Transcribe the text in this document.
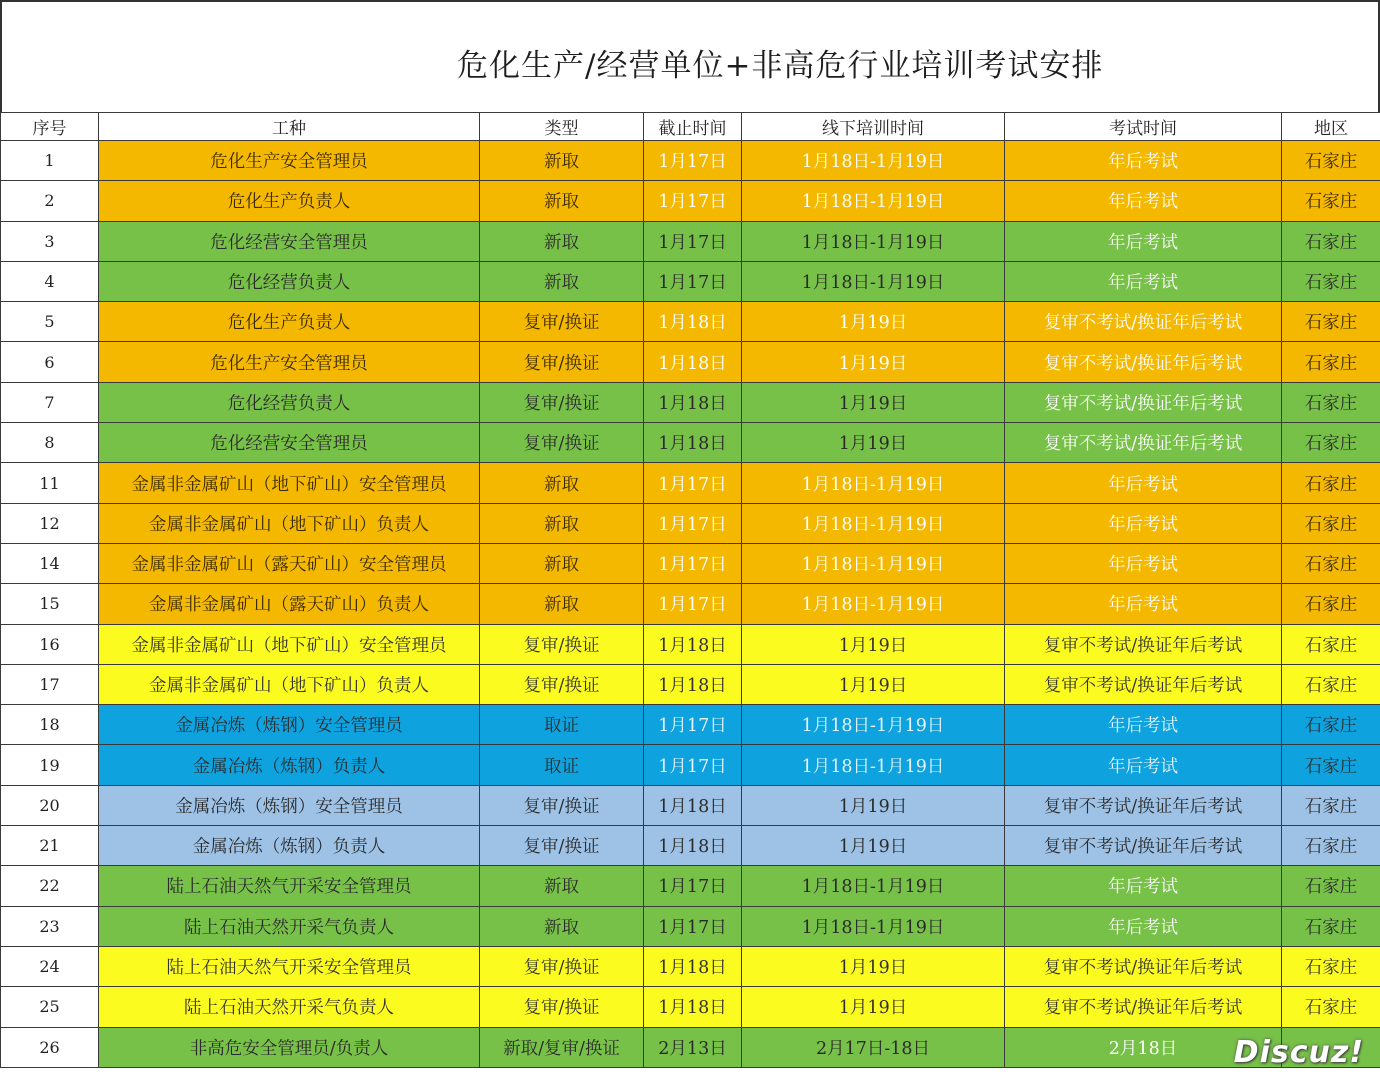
危化生产/经营单位+非高危行业培训考试安排
序号	工种	类型	截止时间	线下培训时间	考试时间	地区
1	危化生产安全管理员	新取	1月17日	1月18日-1月19日	年后考试	石家庄
2	危化生产负责人	新取	1月17日	1月18日-1月19日	年后考试	石家庄
3	危化经营安全管理员	新取	1月17日	1月18日-1月19日	年后考试	石家庄
4	危化经营负责人	新取	1月17日	1月18日-1月19日	年后考试	石家庄
5	危化生产负责人	复审/换证	1月18日	1月19日	复审不考试/换证年后考试	石家庄
6	危化生产安全管理员	复审/换证	1月18日	1月19日	复审不考试/换证年后考试	石家庄
7	危化经营负责人	复审/换证	1月18日	1月19日	复审不考试/换证年后考试	石家庄
8	危化经营安全管理员	复审/换证	1月18日	1月19日	复审不考试/换证年后考试	石家庄
11	金属非金属矿山（地下矿山）安全管理员	新取	1月17日	1月18日-1月19日	年后考试	石家庄
12	金属非金属矿山（地下矿山）负责人	新取	1月17日	1月18日-1月19日	年后考试	石家庄
14	金属非金属矿山（露天矿山）安全管理员	新取	1月17日	1月18日-1月19日	年后考试	石家庄
15	金属非金属矿山（露天矿山）负责人	新取	1月17日	1月18日-1月19日	年后考试	石家庄
16	金属非金属矿山（地下矿山）安全管理员	复审/换证	1月18日	1月19日	复审不考试/换证年后考试	石家庄
17	金属非金属矿山（地下矿山）负责人	复审/换证	1月18日	1月19日	复审不考试/换证年后考试	石家庄
18	金属冶炼（炼钢）安全管理员	取证	1月17日	1月18日-1月19日	年后考试	石家庄
19	金属冶炼（炼钢）负责人	取证	1月17日	1月18日-1月19日	年后考试	石家庄
20	金属冶炼（炼钢）安全管理员	复审/换证	1月18日	1月19日	复审不考试/换证年后考试	石家庄
21	金属冶炼（炼钢）负责人	复审/换证	1月18日	1月19日	复审不考试/换证年后考试	石家庄
22	陆上石油天然气开采安全管理员	新取	1月17日	1月18日-1月19日	年后考试	石家庄
23	陆上石油天然开采气负责人	新取	1月17日	1月18日-1月19日	年后考试	石家庄
24	陆上石油天然气开采安全管理员	复审/换证	1月18日	1月19日	复审不考试/换证年后考试	石家庄
25	陆上石油天然开采气负责人	复审/换证	1月18日	1月19日	复审不考试/换证年后考试	石家庄
26	非高危安全管理员/负责人	新取/复审/换证	2月13日	2月17日-18日	2月18日	Discuz!
